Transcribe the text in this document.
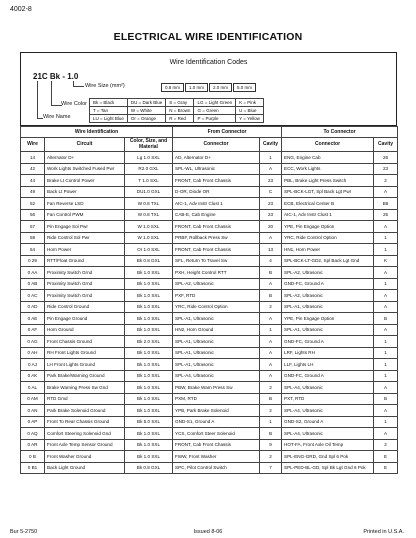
4002-8
ELECTRICAL WIRE IDENTIFICATION
Wire Identification Codes
21C Bk - 1.0
Wire Size (mm²)	0.8 mm	1.0 mm	2.0 mm	5.0 mm
Wire Color
Wire Name
Bk = Black	DU = Dark Blue	S = Gray	LG = Light Green	K = Pink
T = Tan	W = White	N = Brown	G = Green	U = Blue
LU = Light Blue	Or = Orange	R = Red	P = Purple	Y = Yellow
Wire Identification			From Connector		To Connector	
Wire	Circuit	Color, Size, and Material	Connector	Cavity	Connector	Cavity
14	Alternator D+	Lg 1.0 SXL	AD, Alternator D+	1	ENG, Engine Cab	26
42	Work Lights Switched Fused Pwr	R2.0 GXL	SPL-WL, Ultrasonic	A	ECC, Work Lights	23
44	Brake Lt Control Power	T 1.0 SXL	FRONT, Cab Front Chassis	23	PBL, Brake Light Press Switch	2
49	Back Lt Power	DU1.0 GXL	D-OR, Diode OR	C	SPL-BCK-LGT, Spl Back Lgt Pwr	A
52	Fan Reverse LSD	W 0.8 TXL	AIC-1, Adv Instr Clust 1	23	ECB, Electrical Center B	B6
56	Fan Control PWM	W 0.8 TXL	CAB-E, Cab Engine	23	AIC-1, Adv Instr Clust 1	25
57	Pin Engage Sol Pwr	W 1.0 SXL	FRONT, Cab Front Chassis	20	YPE, Pin Engage Option	A
58	Ride Control Sol Pwr	W 1.0 SXL	PRBF, Rollback Press Sw	A	YRC, Ride Control Option	1
64	Horn Power	Or 1.0 SXL	FRONT, Cab Front Chassis	13	HN1, Horn Power	1
0 29	RTT/Float Ground	Bk 0.8 GXL	SFL, Return To Travel Sw	4	SPL-BCK-LT-GD2, Spl Back Lgt Gnd	K
0 AA	Proximity Switch Grnd	Bk 1.0 SXL	PXH, Height Control RTT	B	SPL-A2, Ultrasonic	A
0 AB	Proximity Switch Grnd	Bk 1.0 SXL	SPL-A2, Ultrasonic	A	GND-FC, Ground A	1
0 AC	Proximity Switch Grnd	Bk 1.0 SXL	PXF, RTD	B	SPL-A2, Ultrasonic	A
0 AD	Ride Control Ground	Bk 1.0 SXL	YRC, Ride Control Option	2	SPL-A1, Ultrasonic	A
0 AE	Pin Engage Ground	Bk 1.0 SXL	SPL-A1, Ultrasonic	A	YPE, Pin Engage Option	B
0 AF	Horn Ground	Bk 1.0 SXL	HN2, Horn Ground	1	SPL-A1, Ultrasonic	A
0 AG	Front Chassis Ground	Bk 2.0 SXL	SPL-A1, Ultrasonic	A	GND-FC, Ground A	1
0 AH	RH Front Lights Ground	Bk 1.0 SXL	SPL-A1, Ultrasonic	A	LRF, Lights RH	1
0 AJ	LH Front Lights Ground	Bk 1.0 SXL	SPL-A1, Ultrasonic	A	LLF, Lights LH	1
0 AK	Park Brake/Warning Ground	Bk 1.0 SXL	SPL-A4, Ultrasonic	A	GND-FC, Ground A	1
0 AL	Brake Warning Press Sw Gnd	Bk 1.0 SXL	PBW, Brake Warn Press Sw	2	SPL-A4, Ultrasonic	A
0 AM	RTD Gmd	Bk 1.0 SXL	PXM, RTD	B	PXT, RTD	B
0 AN	Park Brake Solenoid Ground	Bk 1.0 SXL	YPB, Park Brake Solenoid	2	SPL-A4, Ultrasonic	A
0 AP	Front To Rear Chassis Ground	Bk 5.0 SXL	GND-S1, Ground A	1	GND-S2, Ground A	1
0 AQ	Comfort Steering Solenoid Gnd	Bk 1.0 SXL	YCS, Comfort Steer Solenoid	B	SPL-A4, Ultrasonic	A
0 AR	Front Axle Temp Sensor Ground	Bk 1.0 SXL	FRONT, Cab Front Chassis	9	HOT-FA, Front Axle Oil Temp	2
0 B	Front Washer Ground	Bk 1.0 SXL	FWW, Front Washer	2	SPL-ENG-GRD, Gnd Spl 6 Pok	E
0 B1	Back Light Ground	Bk 0.8 GXL	SPC, Pilot Control Switch	7	SPL-PED-BL-GD, Spl Bk Lgt Gnd 6 Pok	E
Bur 5-2750	Issued 8-06	Printed in U.S.A.
